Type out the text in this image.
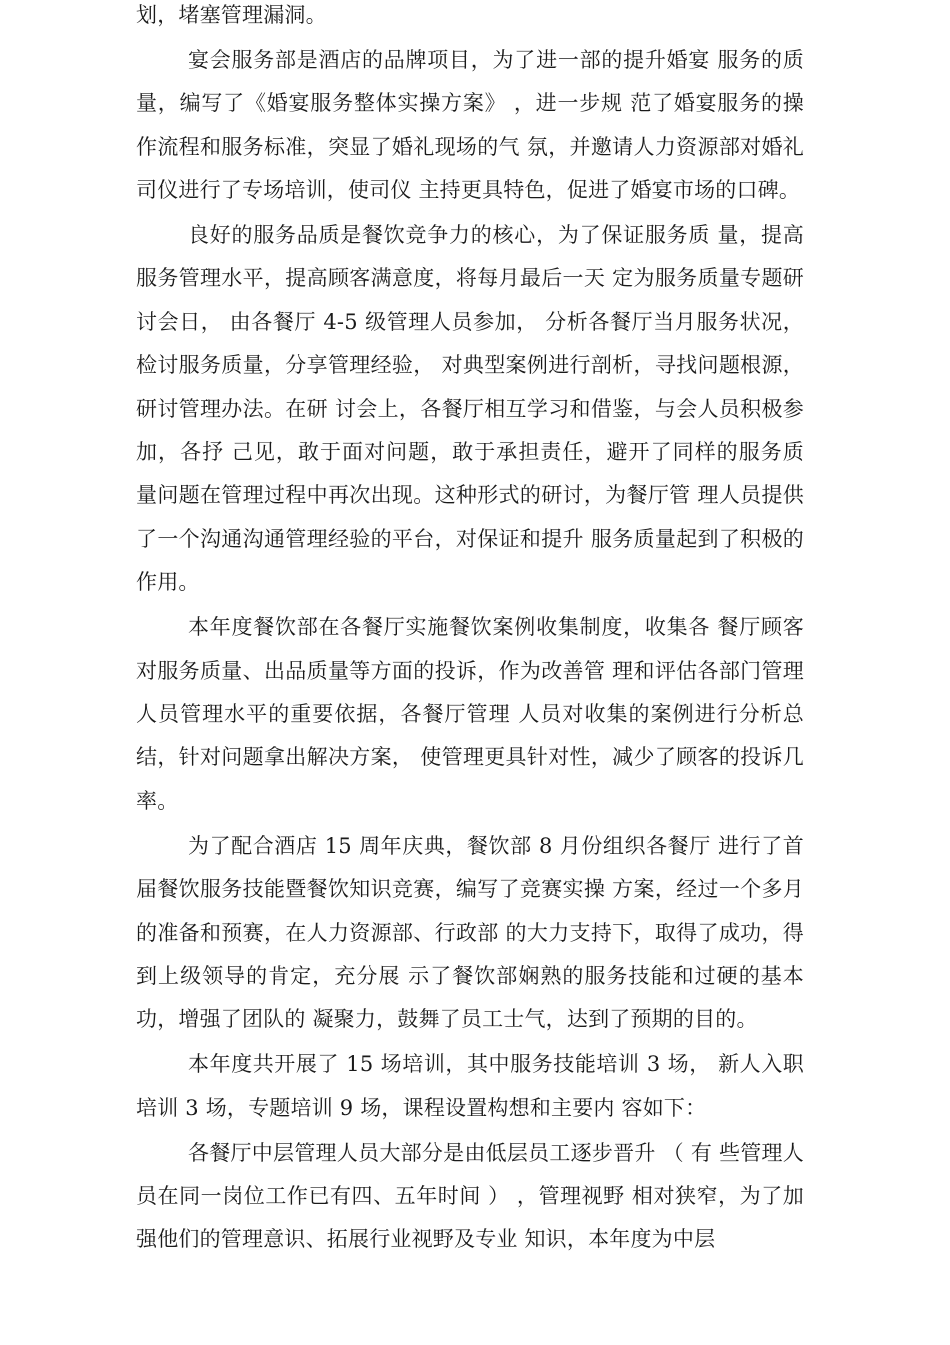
划，堵塞管理漏洞。

宴会服务部是酒店的品牌项目，为了进一部的提升婚宴 服务的质量，编写了《婚宴服务整体实操方案》 ，进一步规 范了婚宴服务的操作流程和服务标准，突显了婚礼现场的气 氛，并邀请人力资源部对婚礼司仪进行了专场培训，使司仪 主持更具特色，促进了婚宴市场的口碑。

良好的服务品质是餐饮竞争力的核心，为了保证服务质 量，提高服务管理水平，提高顾客满意度，将每月最后一天 定为服务质量专题研讨会日， 由各餐厅 4-5 级管理人员参加， 分析各餐厅当月服务状况，检讨服务质量，分享管理经验， 对典型案例进行剖析，寻找问题根源，研讨管理办法。在研 讨会上，各餐厅相互学习和借鉴，与会人员积极参加，各抒 己见，敢于面对问题，敢于承担责任，避开了同样的服务质 量问题在管理过程中再次出现。这种形式的研讨，为餐厅管 理人员提供了一个沟通沟通管理经验的平台，对保证和提升 服务质量起到了积极的作用。

本年度餐饮部在各餐厅实施餐饮案例收集制度，收集各 餐厅顾客对服务质量、出品质量等方面的投诉，作为改善管 理和评估各部门管理人员管理水平的重要依据，各餐厅管理 人员对收集的案例进行分析总结，针对问题拿出解决方案， 使管理更具针对性，减少了顾客的投诉几率。

为了配合酒店 15 周年庆典，餐饮部 8 月份组织各餐厅 进行了首届餐饮服务技能暨餐饮知识竞赛，编写了竞赛实操 方案，经过一个多月的准备和预赛，在人力资源部、行政部 的大力支持下，取得了成功，得到上级领导的肯定，充分展 示了餐饮部娴熟的服务技能和过硬的基本功，增强了团队的 凝聚力，鼓舞了员工士气，达到了预期的目的。

本年度共开展了 15 场培训，其中服务技能培训 3 场， 新人入职培训 3 场，专题培训 9 场，课程设置构想和主要内 容如下：

各餐厅中层管理人员大部分是由低层员工逐步晋升 （ 有 些管理人员在同一岗位工作已有四、五年时间 ） ，管理视野 相对狭窄，为了加强他们的管理意识、拓展行业视野及专业 知识，本年度为中层
